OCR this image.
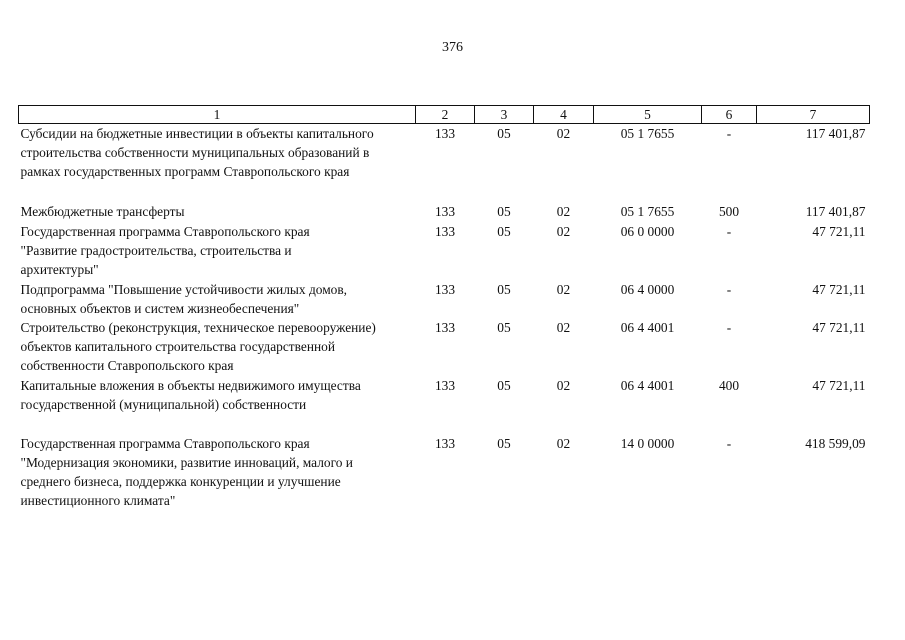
376
1	2	3	4	5	6	7
Субсидии на бюджетные инвестиции в объекты капитального строительства собственности муниципальных образований в рамках государственных программ Ставропольского края	133	05	02	05 1 7655	-	117 401,87
Межбюджетные трансферты	133	05	02	05 1 7655	500	117 401,87
Государственная программа Ставропольского края "Развитие градостроительства, строительства и архитектуры"	133	05	02	06 0 0000	-	47 721,11
Подпрограмма "Повышение устойчивости жилых домов, основных объектов и систем жизнеобеспечения"	133	05	02	06 4 0000	-	47 721,11
Строительство (реконструкция, техническое перевооружение) объектов капитального строительства государственной собственности Ставропольского края	133	05	02	06 4 4001	-	47 721,11
Капитальные вложения в объекты недвижимого имущества государственной (муниципальной) собственности	133	05	02	06 4 4001	400	47 721,11

Государственная программа Ставропольского края "Модернизация экономики, развитие инноваций, малого и среднего бизнеса, поддержка конкуренции и улучшение инвестиционного климата"	133	05	02	14 0 0000	-	418 599,09
